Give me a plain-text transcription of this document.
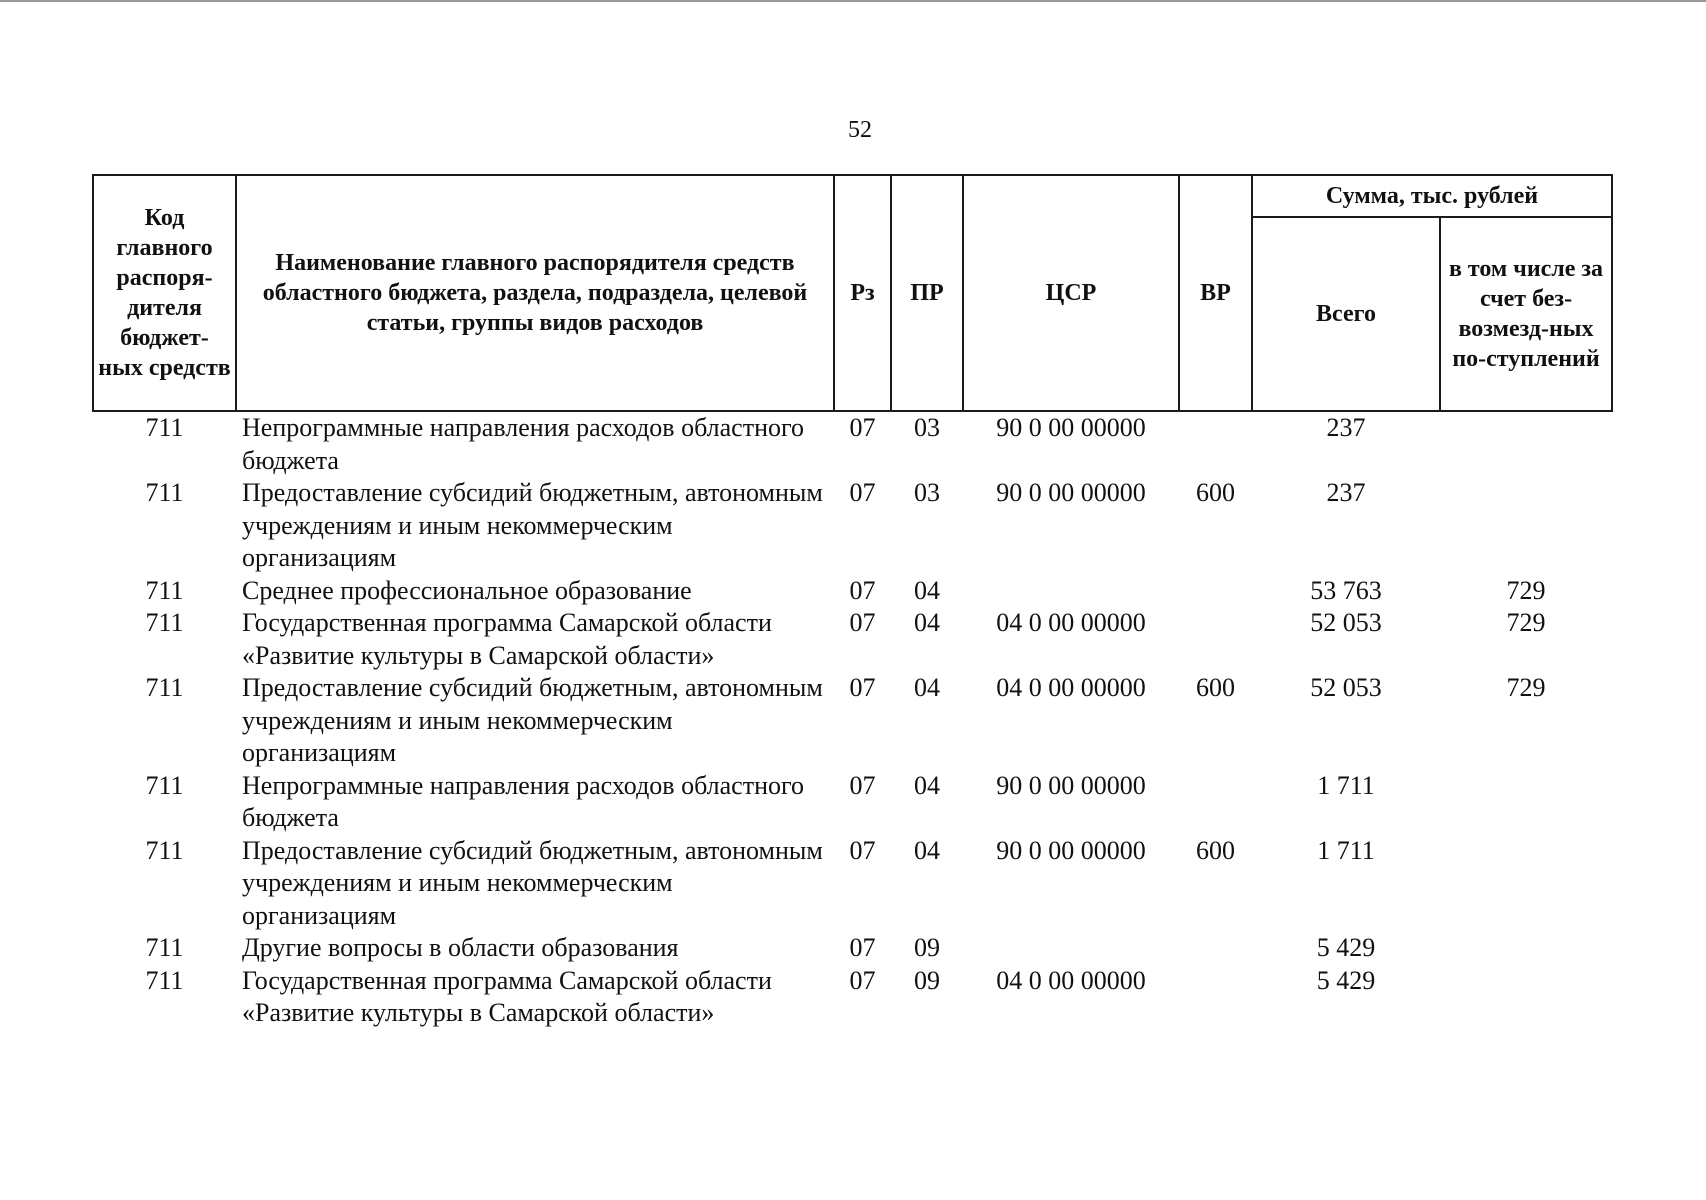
52
Код главного распоря-дителя бюджет-ных средств	Наименование главного распорядителя средств областного бюджета, раздела, подраздела, целевой статьи, группы видов расходов	Рз	ПР	ЦСР	ВР	Сумма, тыс. рублей	
						Всего	в том числе за счет без-возмезд-ных по-ступлений
711	Непрограммные направления расходов областного бюджета	07	03	90 0 00 00000		237	
711	Предоставление субсидий бюджетным, автономным учреждениям и иным некоммерческим организациям	07	03	90 0 00 00000	600	237	
711	Среднее профессиональное образование	07	04			53 763	729
711	Государственная программа Самарской области «Развитие культуры в Самарской области»	07	04	04 0 00 00000		52 053	729
711	Предоставление субсидий бюджетным, автономным учреждениям и иным некоммерческим организациям	07	04	04 0 00 00000	600	52 053	729
711	Непрограммные направления расходов областного бюджета	07	04	90 0 00 00000		1 711	
711	Предоставление субсидий бюджетным, автономным учреждениям и иным некоммерческим организациям	07	04	90 0 00 00000	600	1 711	
711	Другие вопросы в области образования	07	09			5 429	
711	Государственная программа Самарской области «Развитие культуры в Самарской области»	07	09	04 0 00 00000		5 429	
